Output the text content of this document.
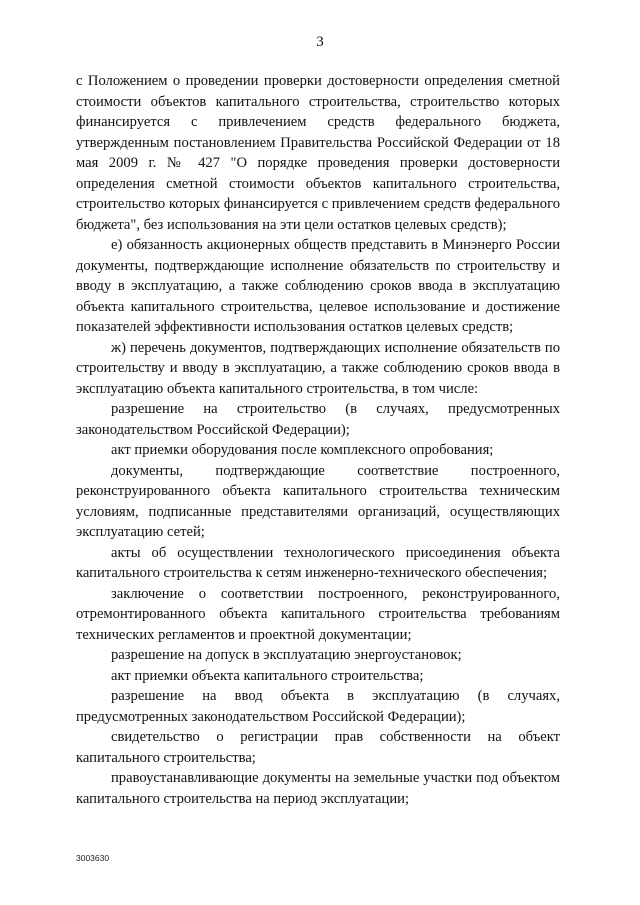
3

с Положением о проведении проверки достоверности определения сметной стоимости объектов капитального строительства, строительство которых финансируется с привлечением средств федерального бюджета, утвержденным постановлением Правительства Российской Федерации от 18 мая 2009 г. № 427 "О порядке проведения проверки достоверности определения сметной стоимости объектов капитального строительства, строительство которых финансируется с привлечением средств федерального бюджета", без использования на эти цели остатков целевых средств);

е) обязанность акционерных обществ представить в Минэнерго России документы, подтверждающие исполнение обязательств по строительству и вводу в эксплуатацию, а также соблюдению сроков ввода в эксплуатацию объекта капитального строительства, целевое использование и достижение показателей эффективности использования остатков целевых средств;

ж) перечень документов, подтверждающих исполнение обязательств по строительству и вводу в эксплуатацию, а также соблюдению сроков ввода в эксплуатацию объекта капитального строительства, в том числе:

разрешение на строительство (в случаях, предусмотренных законодательством Российской Федерации);

акт приемки оборудования после комплексного опробования;

документы, подтверждающие соответствие построенного, реконструированного объекта капитального строительства техническим условиям, подписанные представителями организаций, осуществляющих эксплуатацию сетей;

акты об осуществлении технологического присоединения объекта капитального строительства к сетям инженерно-технического обеспечения;

заключение о соответствии построенного, реконструированного, отремонтированного объекта капитального строительства требованиям технических регламентов и проектной документации;

разрешение на допуск в эксплуатацию энергоустановок;

акт приемки объекта капитального строительства;

разрешение на ввод объекта в эксплуатацию (в случаях, предусмотренных законодательством Российской Федерации);

свидетельство о регистрации прав собственности на объект капитального строительства;

правоустанавливающие документы на земельные участки под объектом капитального строительства на период эксплуатации;

3003630
